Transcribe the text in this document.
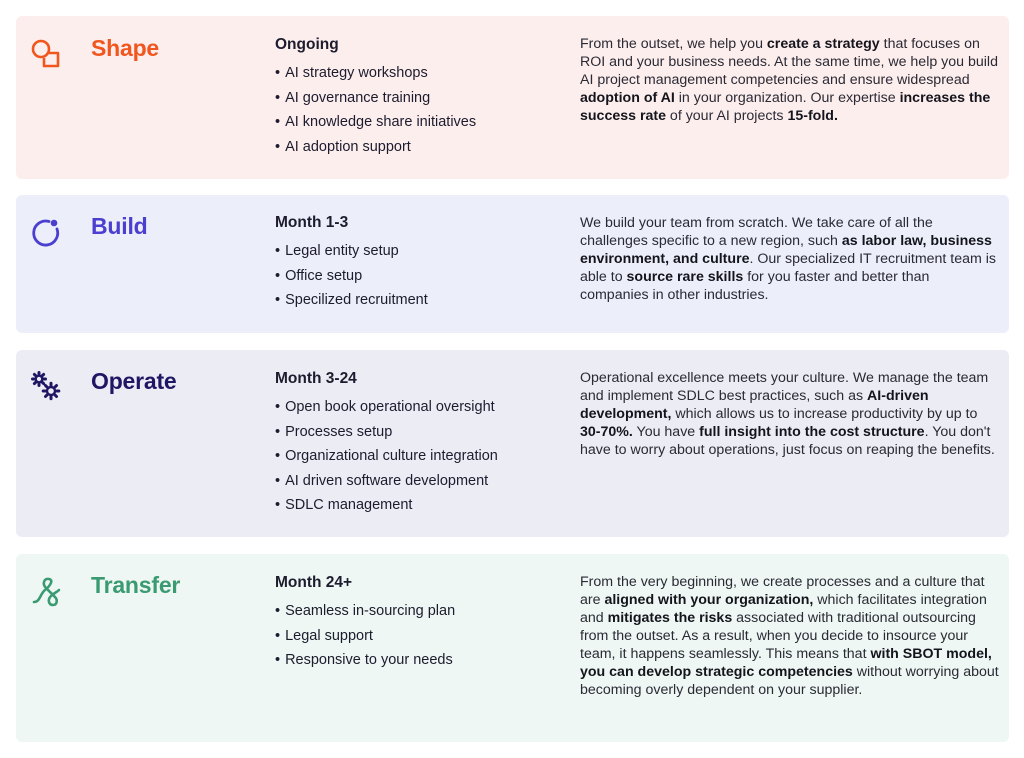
Shape	Ongoing
• AI strategy workshops
• AI governance training
• AI knowledge share initiatives
• AI adoption support
From the outset, we help you create a strategy that focuses on ROI and your business needs. At the same time, we help you build AI project management competencies and ensure widespread adoption of AI in your organization. Our expertise increases the success rate of your AI projects 15-fold.
Build	Month 1-3
• Legal entity setup
• Office setup
• Specilized recruitment
We build your team from scratch. We take care of all the challenges specific to a new region, such as labor law, business environment, and culture. Our specialized IT recruitment team is able to source rare skills for you faster and better than companies in other industries.
Operate	Month 3-24
• Open book operational oversight
• Processes setup
• Organizational culture integration
• AI driven software development
• SDLC management
Operational excellence meets your culture. We manage the team and implement SDLC best practices, such as AI-driven development, which allows us to increase productivity by up to 30-70%. You have full insight into the cost structure. You don't have to worry about operations, just focus on reaping the benefits.
Transfer	Month 24+
• Seamless in-sourcing plan
• Legal support
• Responsive to your needs
From the very beginning, we create processes and a culture that are aligned with your organization, which facilitates integration and mitigates the risks associated with traditional outsourcing from the outset. As a result, when you decide to insource your team, it happens seamlessly. This means that with SBOT model, you can develop strategic competencies without worrying about becoming overly dependent on your supplier.
